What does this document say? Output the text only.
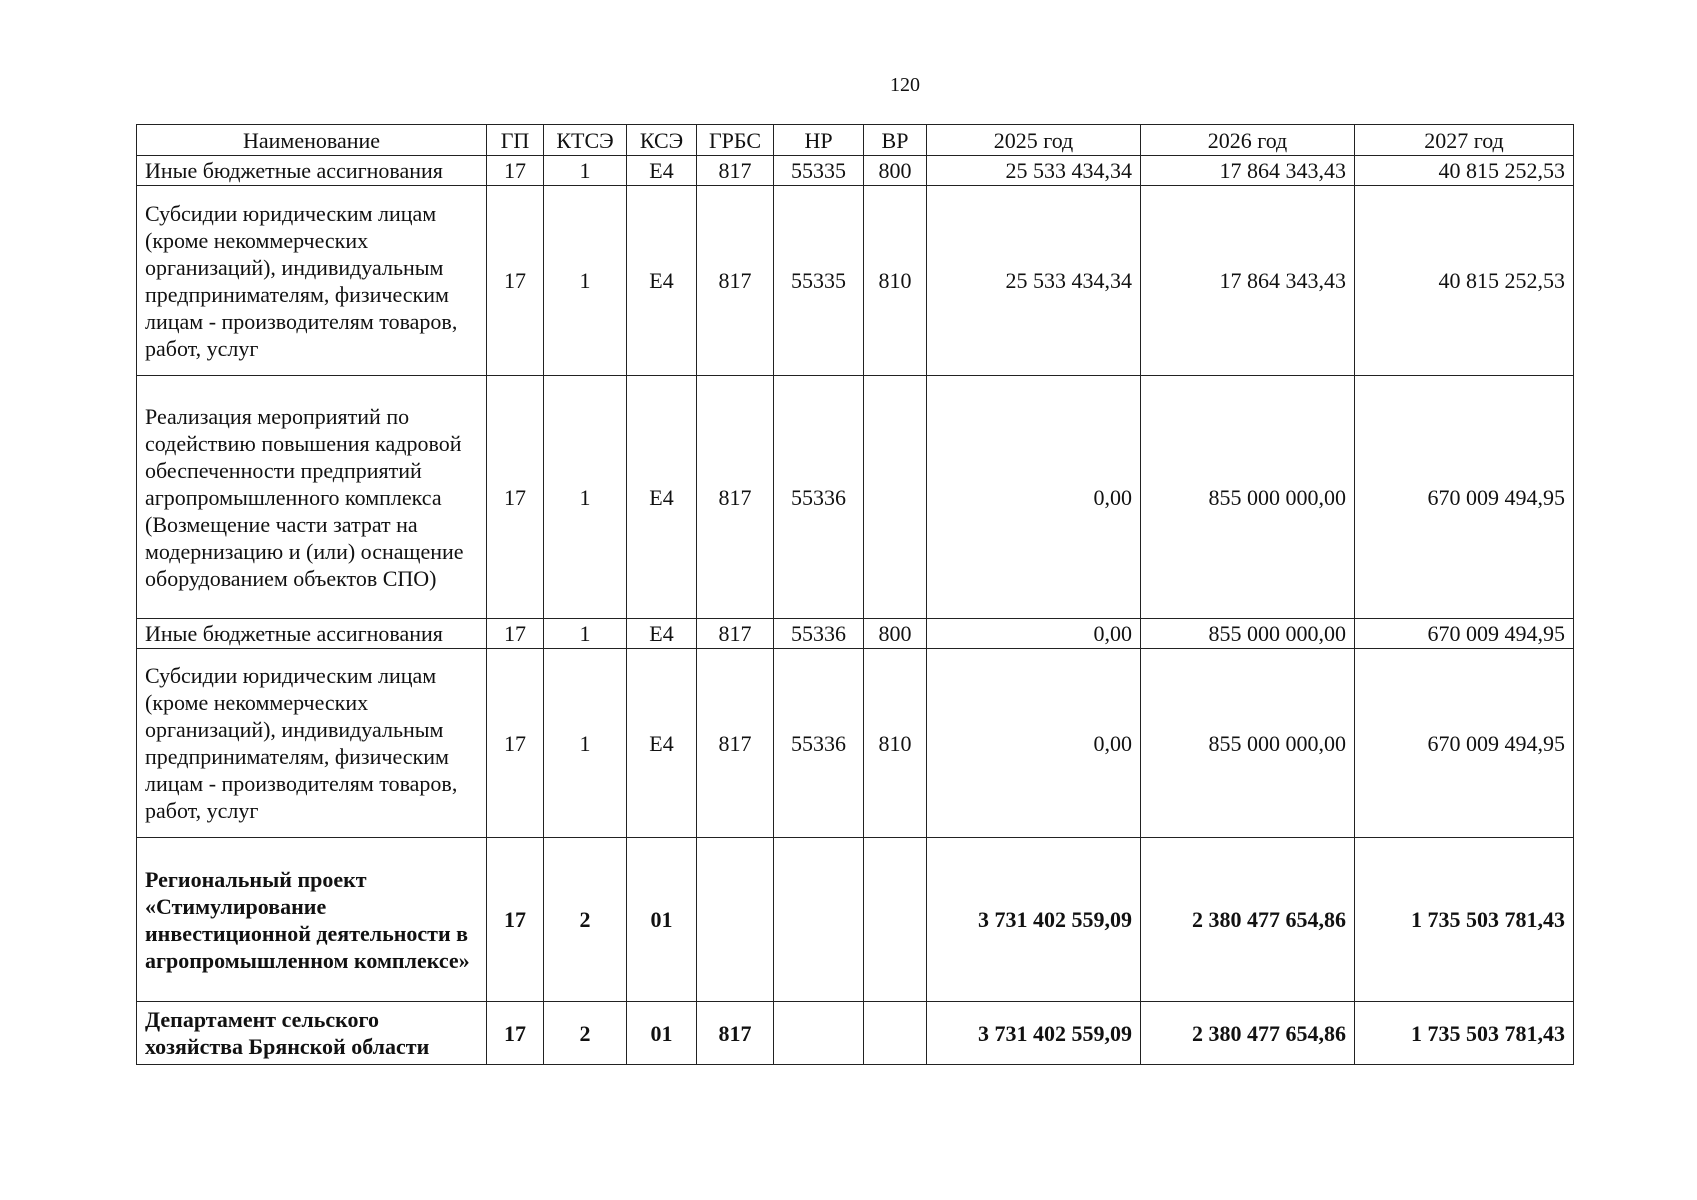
120
Наименование	ГП	КТСЭ	КСЭ	ГРБС	НР	ВР	2025 год	2026 год	2027 год
Иные бюджетные ассигнования	17	1	Е4	817	55335	800	25 533 434,34	17 864 343,43	40 815 252,53
Субсидии юридическим лицам (кроме некоммерческих организаций), индивидуальным предпринимателям, физическим лицам - производителям товаров, работ, услуг	17	1	Е4	817	55335	810	25 533 434,34	17 864 343,43	40 815 252,53
Реализация мероприятий по содействию повышения кадровой обеспеченности предприятий агропромышленного комплекса (Возмещение части затрат на модернизацию и (или) оснащение оборудованием объектов СПО)	17	1	Е4	817	55336		0,00	855 000 000,00	670 009 494,95
Иные бюджетные ассигнования	17	1	Е4	817	55336	800	0,00	855 000 000,00	670 009 494,95
Субсидии юридическим лицам (кроме некоммерческих организаций), индивидуальным предпринимателям, физическим лицам - производителям товаров, работ, услуг	17	1	Е4	817	55336	810	0,00	855 000 000,00	670 009 494,95
Региональный проект «Стимулирование инвестиционной деятельности в агропромышленном комплексе»	17	2	01				3 731 402 559,09	2 380 477 654,86	1 735 503 781,43
Департамент сельского хозяйства Брянской области	17	2	01	817			3 731 402 559,09	2 380 477 654,86	1 735 503 781,43
